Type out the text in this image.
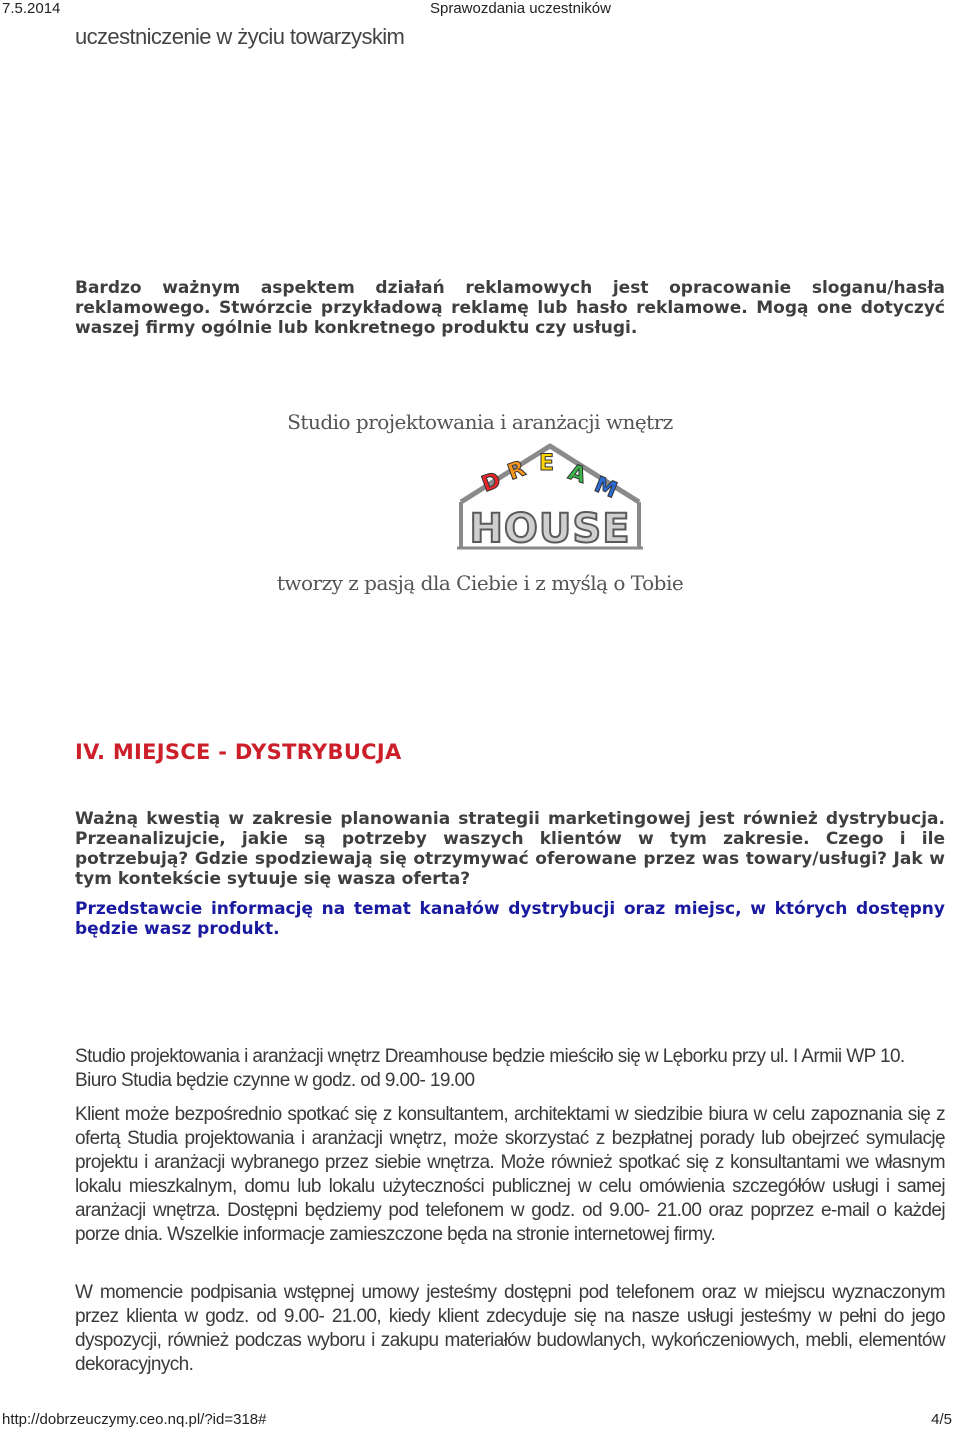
7.5.2014	Sprawozdania uczestników
uczestniczenie w życiu towarzyskim

Bardzo ważnym aspektem działań reklamowych jest opracowanie sloganu/hasła reklamowego. Stwórzcie przykładową reklamę lub hasło reklamowe. Mogą one dotyczyć waszej firmy ogólnie lub konkretnego produktu czy usługi.

Studio projektowania i aranżacji wnętrz
D R E A M
HOUSE
tworzy z pasją dla Ciebie i z myślą o Tobie
IV. MIEJSCE - DYSTRYBUCJA

Ważną kwestią w zakresie planowania strategii marketingowej jest również dystrybucja. Przeanalizujcie, jakie są potrzeby waszych klientów w tym zakresie. Czego i ile potrzebują? Gdzie spodziewają się otrzymywać oferowane przez was towary/usługi? Jak w tym kontekście sytuuje się wasza oferta?

Przedstawcie informację na temat kanałów dystrybucji oraz miejsc, w których dostępny będzie wasz produkt.

Studio projektowania i aranżacji wnętrz Dreamhouse będzie mieściło się w Lęborku przy ul. I Armii WP 10. Biuro Studia będzie czynne w godz. od 9.00- 19.00

Klient może bezpośrednio spotkać się z konsultantem, architektami w siedzibie biura w celu zapoznania się z ofertą Studia projektowania i aranżacji wnętrz, może skorzystać z bezpłatnej porady lub obejrzeć symulację projektu i aranżacji wybranego przez siebie wnętrza. Może również spotkać się z konsultantami we własnym lokalu mieszkalnym, domu lub lokalu użyteczności publicznej w celu omówienia szczegółów usługi i samej aranżacji wnętrza. Dostępni będziemy pod telefonem w godz. od 9.00- 21.00 oraz poprzez e-mail o każdej porze dnia. Wszelkie informacje zamieszczone będa na stronie internetowej firmy.

W momencie podpisania wstępnej umowy jesteśmy dostępni pod telefonem oraz w miejscu wyznaczonym przez klienta w godz. od 9.00- 21.00, kiedy klient zdecyduje się na nasze usługi jesteśmy w pełni do jego dyspozycji, również podczas wyboru i zakupu materiałów budowlanych, wykończeniowych, mebli, elementów dekoracyjnych.

http://dobrzeuczymy.ceo.nq.pl/?id=318#	4/5
